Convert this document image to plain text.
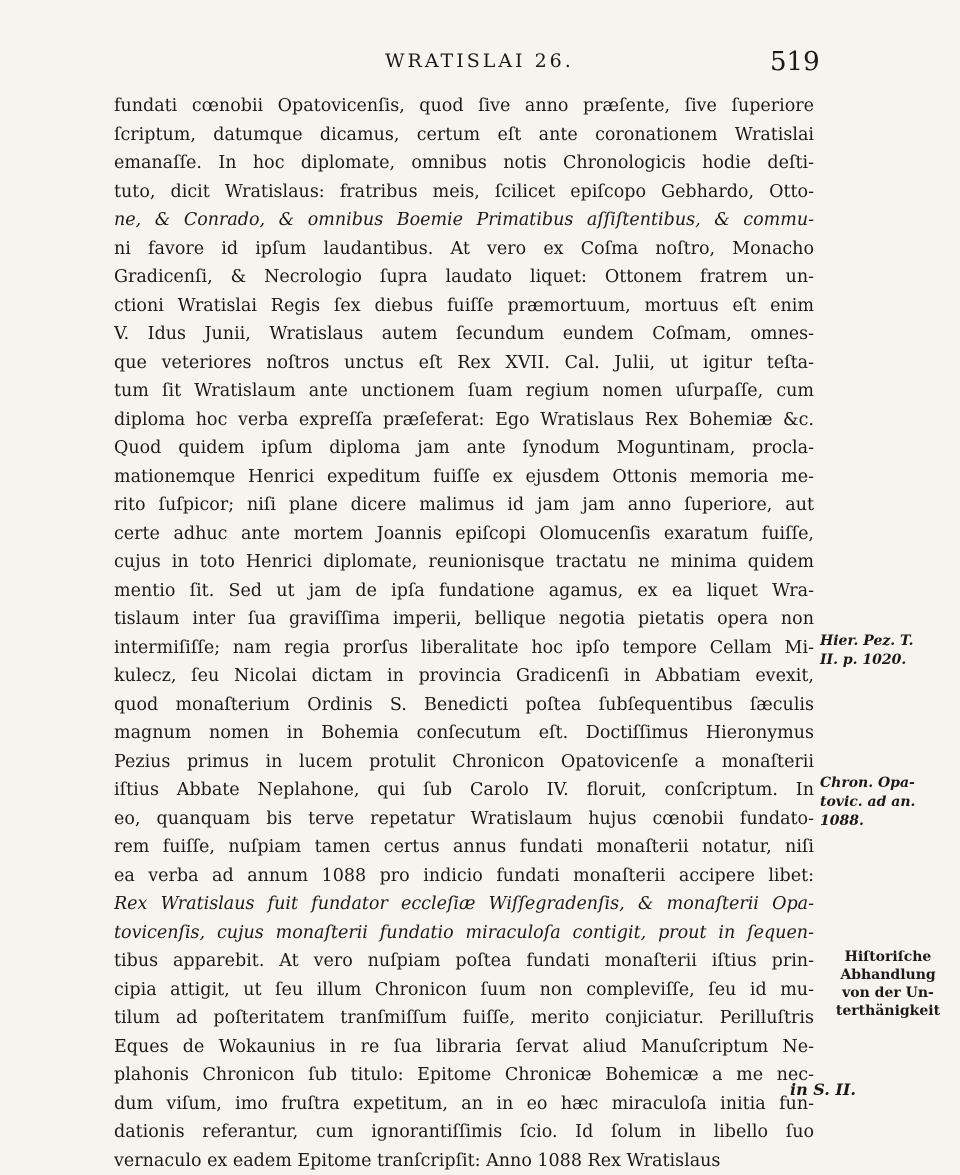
WRATISLAI 26.	519
fundati cœnobii Opatovicenſis, quod ſive anno præſente, ſive ſuperiore
ſcriptum, datumque dicamus, certum eſt ante coronationem Wratislai
emanaſſe. In hoc diplomate, omnibus notis Chronologicis hodie deſti-
tuto, dicit Wratislaus: fratribus meis, ſcilicet epiſcopo Gebhardo, Otto-
ne, & Conrado, & omnibus Boemie Primatibus aſſiſtentibus, & commu-
ni favore id ipſum laudantibus. At vero ex Coſma noſtro, Monacho
Gradicenſi, & Necrologio ſupra laudato liquet: Ottonem fratrem un-
ctioni Wratislai Regis ſex diebus fuiſſe præmortuum, mortuus eſt enim
V. Idus Junii, Wratislaus autem ſecundum eundem Coſmam, omnes-
que veteriores noſtros unctus eſt Rex XVII. Cal. Julii, ut igitur teſta-
tum ſit Wratislaum ante unctionem ſuam regium nomen uſurpaſſe, cum
diploma hoc verba expreſſa præſeferat: Ego Wratislaus Rex Bohemiæ &c.
Quod quidem ipſum diploma jam ante ſynodum Moguntinam, procla-
mationemque Henrici expeditum fuiſſe ex ejusdem Ottonis memoria me-
rito ſuſpicor; niſi plane dicere malimus id jam jam anno ſuperiore, aut
certe adhuc ante mortem Joannis epiſcopi Olomucenſis exaratum fuiſſe,
cujus in toto Henrici diplomate, reunionisque tractatu ne minima quidem
mentio ſit. Sed ut jam de ipſa fundatione agamus, ex ea liquet Wra-
tislaum inter ſua graviſſima imperii, bellique negotia pietatis opera non
intermiſiſſe; nam regia prorſus liberalitate hoc ipſo tempore Cellam Mi-
kulecz, ſeu Nicolai dictam in provincia Gradicenſi in Abbatiam evexit,
quod monaſterium Ordinis S. Benedicti poſtea ſubſequentibus ſæculis
magnum nomen in Bohemia conſecutum eſt. Doctiſſimus Hieronymus
Pezius primus in lucem protulit Chronicon Opatovicenſe a monaſterii
iſtius Abbate Neplahone, qui ſub Carolo IV. floruit, conſcriptum. In
eo, quanquam bis terve repetatur Wratislaum hujus cœnobii fundato-
rem fuiſſe, nuſpiam tamen certus annus fundati monaſterii notatur, niſi
ea verba ad annum 1088 pro indicio fundati monaſterii accipere libet:
Rex Wratislaus fuit fundator eccleſiæ Wiſſegradenſis, & monaſterii Opa-
tovicenſis, cujus monaſterii fundatio miraculoſa contigit, prout in ſequen-
tibus apparebit. At vero nuſpiam poſtea fundati monaſterii iſtius prin-
cipia attigit, ut ſeu illum Chronicon ſuum non compleviſſe, ſeu id mu-
tilum ad poſteritatem tranſmiſſum fuiſſe, merito conjiciatur. Perilluſtris
Eques de Wokaunius in re ſua libraria ſervat aliud Manuſcriptum Ne-
plahonis Chronicon ſub titulo: Epitome Chronicæ Bohemicæ a me nec-
dum viſum, imo fruſtra expetitum, an in eo hæc miraculoſa initia fun-
dationis referantur, cum ignorantiſſimis ſcio. Id ſolum in libello ſuo
vernaculo ex eadem Epitome tranſcripſit: Anno 1088 Rex Wratislaus
Hier. Pez. T.
II. p. 1020.
Chron. Opa-
tovic. ad an.
1088.
Hiſtoriſche
Abhandlung
von der Un-
terthänigkeit
in S. II.
